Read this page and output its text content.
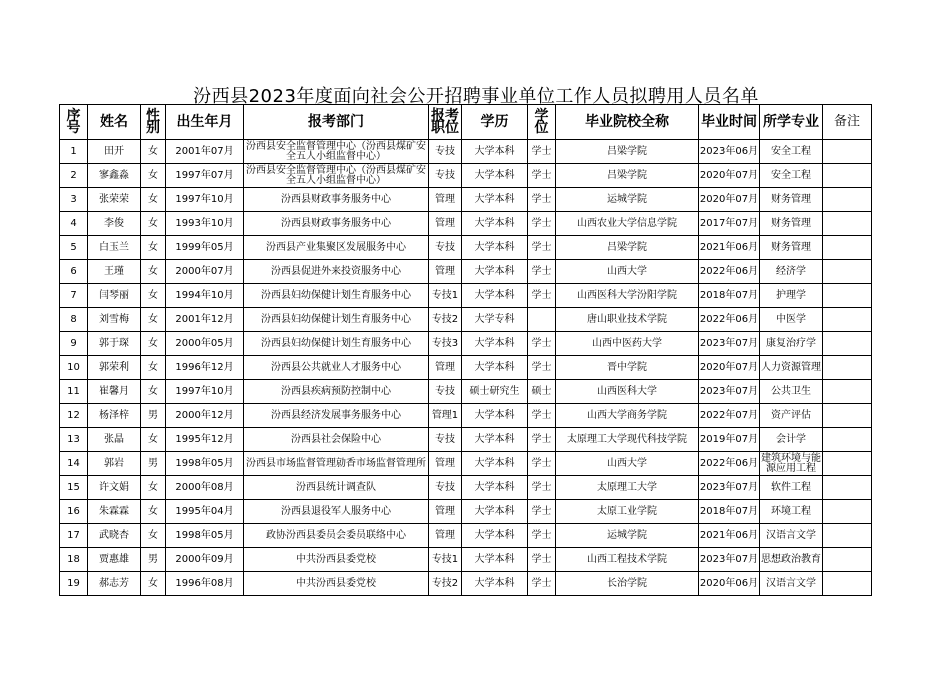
汾西县2023年度面向社会公开招聘事业单位工作人员拟聘用人员名单
序号	姓名	性别	出生年月	报考部门	报考职位	学历	学位	毕业院校全称	毕业时间	所学专业	备注
1	田开	女	2001年07月	汾西县安全监督管理中心（汾西县煤矿安全五人小组监督中心）	专技	大学本科	学士	吕梁学院	2023年06月	安全工程	
2	寥鑫淼	女	1997年07月	汾西县安全监督管理中心（汾西县煤矿安全五人小组监督中心）	专技	大学本科	学士	吕梁学院	2020年07月	安全工程	
3	张荣荣	女	1997年10月	汾西县财政事务服务中心	管理	大学本科	学士	运城学院	2020年07月	财务管理	
4	李俊	女	1993年10月	汾西县财政事务服务中心	管理	大学本科	学士	山西农业大学信息学院	2017年07月	财务管理	
5	白玉兰	女	1999年05月	汾西县产业集聚区发展服务中心	专技	大学本科	学士	吕梁学院	2021年06月	财务管理	
6	王瑾	女	2000年07月	汾西县促进外来投资服务中心	管理	大学本科	学士	山西大学	2022年06月	经济学	
7	闫琴丽	女	1994年10月	汾西县妇幼保健计划生育服务中心	专技1	大学本科	学士	山西医科大学汾阳学院	2018年07月	护理学	
8	刘雪梅	女	2001年12月	汾西县妇幼保健计划生育服务中心	专技2	大学专科		唐山职业技术学院	2022年06月	中医学	
9	郭于琛	女	2000年05月	汾西县妇幼保健计划生育服务中心	专技3	大学本科	学士	山西中医药大学	2023年07月	康复治疗学	
10	郭荣利	女	1996年12月	汾西县公共就业人才服务中心	管理	大学本科	学士	晋中学院	2020年07月	人力资源管理	
11	崔馨月	女	1997年10月	汾西县疾病预防控制中心	专技	硕士研究生	硕士	山西医科大学	2023年07月	公共卫生	
12	杨泽梓	男	2000年12月	汾西县经济发展事务服务中心	管理1	大学本科	学士	山西大学商务学院	2022年07月	资产评估	
13	张晶	女	1995年12月	汾西县社会保险中心	专技	大学本科	学士	太原理工大学现代科技学院	2019年07月	会计学	
14	郭岩	男	1998年05月	汾西县市场监督管理勍香市场监督管理所	管理	大学本科	学士	山西大学	2022年06月	建筑环境与能源应用工程	
15	许文娟	女	2000年08月	汾西县统计调查队	专技	大学本科	学士	太原理工大学	2023年07月	软件工程	
16	朱霖霖	女	1995年04月	汾西县退役军人服务中心	管理	大学本科	学士	太原工业学院	2018年07月	环境工程	
17	武晓杏	女	1998年05月	政协汾西县委员会委员联络中心	管理	大学本科	学士	运城学院	2021年06月	汉语言文学	
18	贾惠雄	男	2000年09月	中共汾西县委党校	专技1	大学本科	学士	山西工程技术学院	2023年07月	思想政治教育	
19	郝志芳	女	1996年08月	中共汾西县委党校	专技2	大学本科	学士	长治学院	2020年06月	汉语言文学	
